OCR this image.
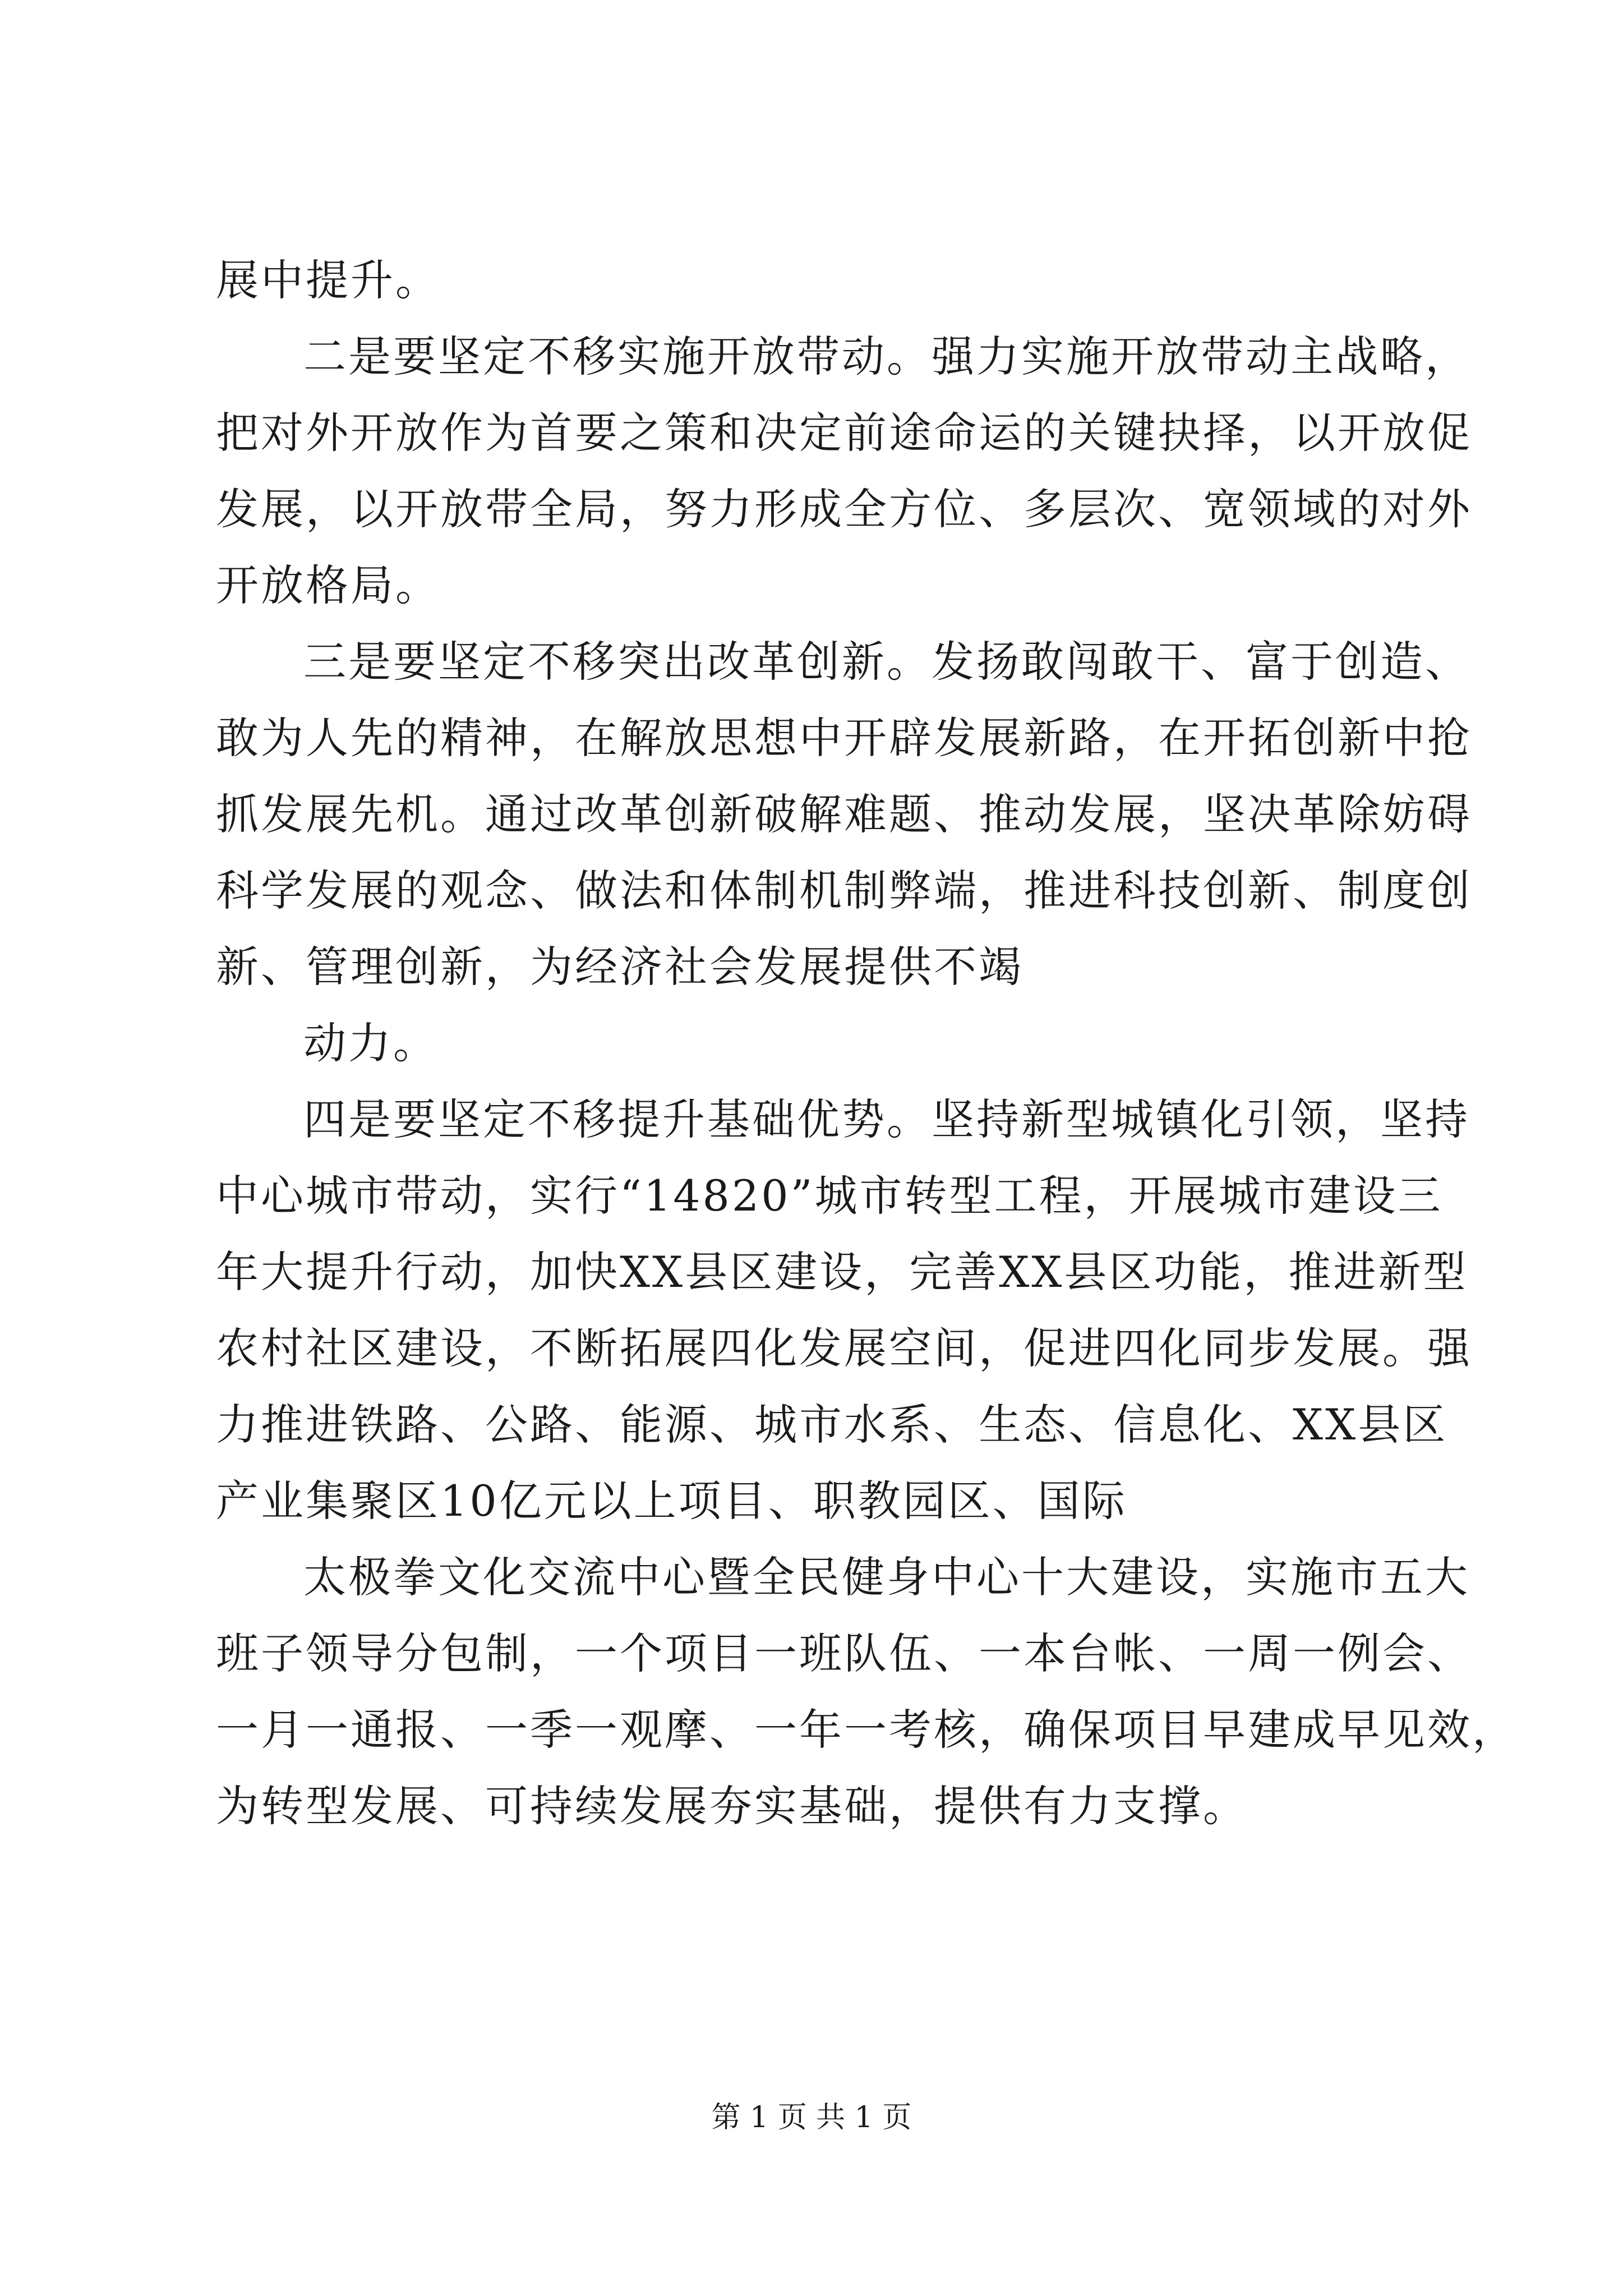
展中提升。
二是要坚定不移实施开放带动。强力实施开放带动主战略，
把对外开放作为首要之策和决定前途命运的关键抉择，以开放促
发展，以开放带全局，努力形成全方位、多层次、宽领域的对外
开放格局。
三是要坚定不移突出改革创新。发扬敢闯敢干、富于创造、
敢为人先的精神，在解放思想中开辟发展新路，在开拓创新中抢
抓发展先机。通过改革创新破解难题、推动发展，坚决革除妨碍
科学发展的观念、做法和体制机制弊端，推进科技创新、制度创
新、管理创新，为经济社会发展提供不竭
动力。
四是要坚定不移提升基础优势。坚持新型城镇化引领，坚持
中心城市带动，实行“14820”城市转型工程，开展城市建设三
年大提升行动，加快XX县区建设，完善XX县区功能，推进新型
农村社区建设，不断拓展四化发展空间，促进四化同步发展。强
力推进铁路、公路、能源、城市水系、生态、信息化、XX县区
产业集聚区10亿元以上项目、职教园区、国际
太极拳文化交流中心暨全民健身中心十大建设，实施市五大
班子领导分包制，一个项目一班队伍、一本台帐、一周一例会、
一月一通报、一季一观摩、一年一考核，确保项目早建成早见效，
为转型发展、可持续发展夯实基础，提供有力支撑。
第 1 页 共 1 页
